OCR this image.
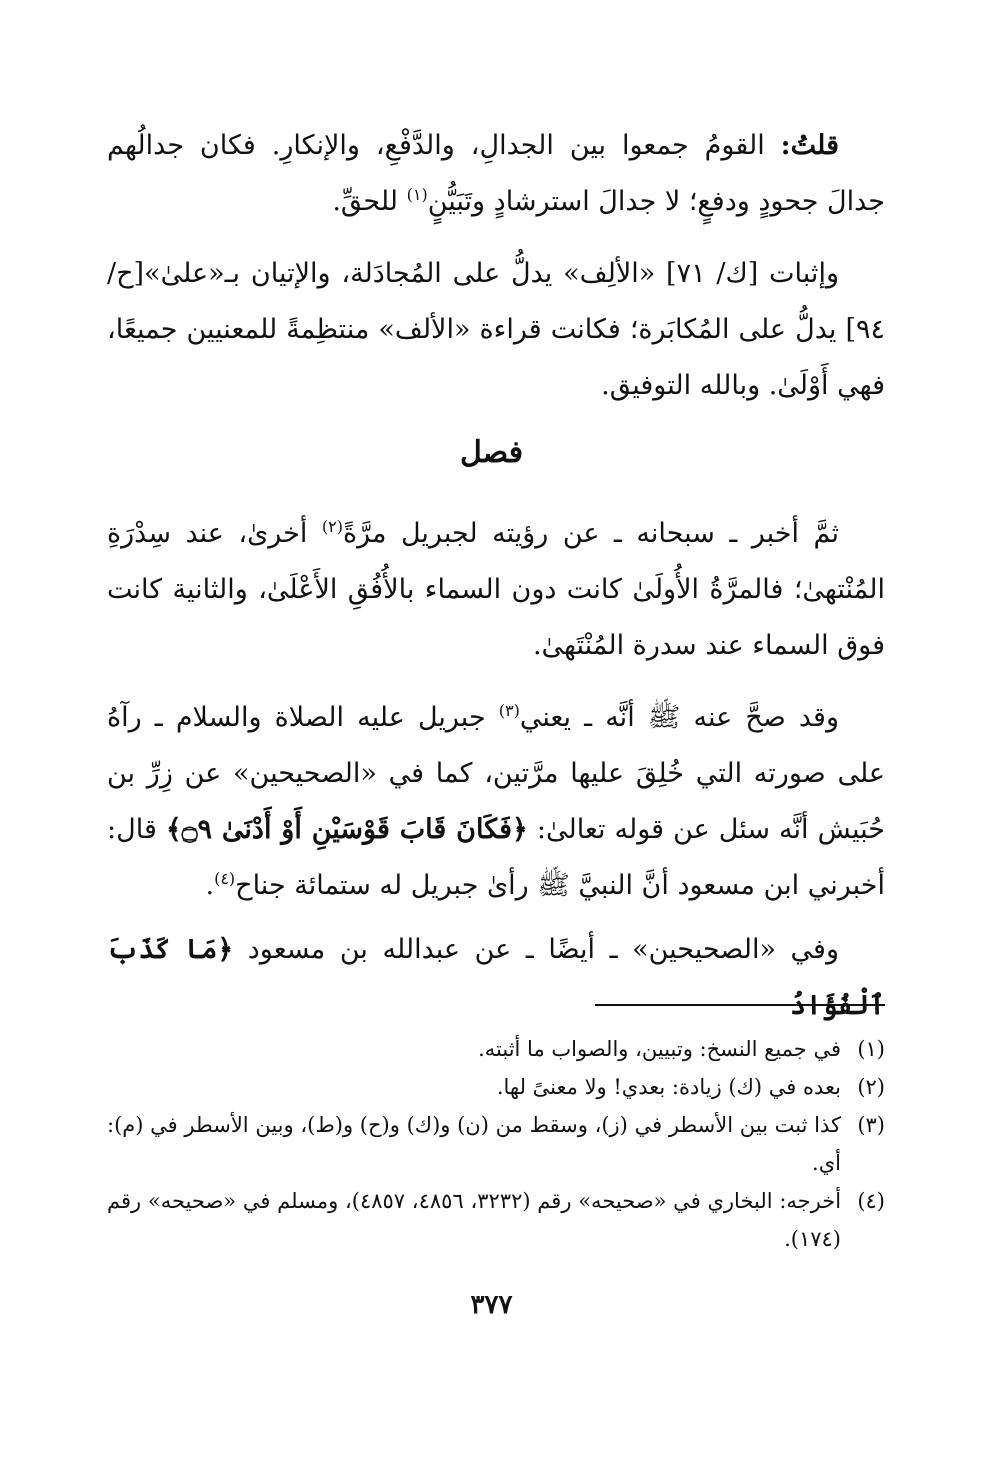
قلتُ: القومُ جمعوا بين الجدالِ، والدَّفْعِ، والإنكارِ. فكان جدالُهم جدالَ جحودٍ ودفعٍ؛ لا جدالَ استرشادٍ وتَبَيُّنٍ$^{(١)}$ للحقِّ.

وإثبات [ك/ ٧١] «الألِف» يدلُّ على المُجادَلة، والإتيان بـ«علىٰ»[ح/ ٩٤] يدلُّ على المُكابَرة؛ فكانت قراءة «الألف» منتظِمةً للمعنيين جميعًا، فهي أَوْلَىٰ. وبالله التوفيق.

فصل

ثمَّ أخبر ـ سبحانه ـ عن رؤيته لجبريل مرَّةً$^{(٢)}$ أخرىٰ، عند سِدْرَةِ المُنْتهىٰ؛ فالمرَّةُ الأُولَىٰ كانت دون السماء بالأُفُقِ الأَعْلَىٰ، والثانية كانت فوق السماء عند سدرة المُنْتَهىٰ.

وقد صحَّ عنه ﷺ أنَّه ـ يعني$^{(٣)}$ جبريل عليه الصلاة والسلام ـ رآهُ على صورته التي خُلِقَ عليها مرَّتين، كما في «الصحيحين» عن زِرِّ بن حُبَيش أنَّه سئل عن قوله تعالىٰ: ﴿فَكَانَ قَابَ قَوْسَيْنِ أَوْ أَدْنَىٰ ۝٩﴾ قال: أخبرني ابن مسعود أنَّ النبيَّ ﷺ رأىٰ جبريل له ستمائة جناح$^{(٤)}$.

وفي «الصحيحين» ـ أيضًا ـ عن عبدالله بن مسعود ﴿مَا كَذَبَ ٱلْفُؤَادُ

(١)
في جميع النسخ: وتبيين، والصواب ما أثبته.
(٢)
بعده في (ك) زيادة: بعدي! ولا معنىً لها.
(٣)
كذا ثبت بين الأسطر في (ز)، وسقط من (ن) و(ك) و(ح) و(ط)، وبين الأسطر في (م): أي.
(٤)
أخرجه: البخاري في «صحيحه» رقم (٣٢٣٢، ٤٨٥٦، ٤٨٥٧)، ومسلم في «صحيحه» رقم (١٧٤).
٣٧٧
